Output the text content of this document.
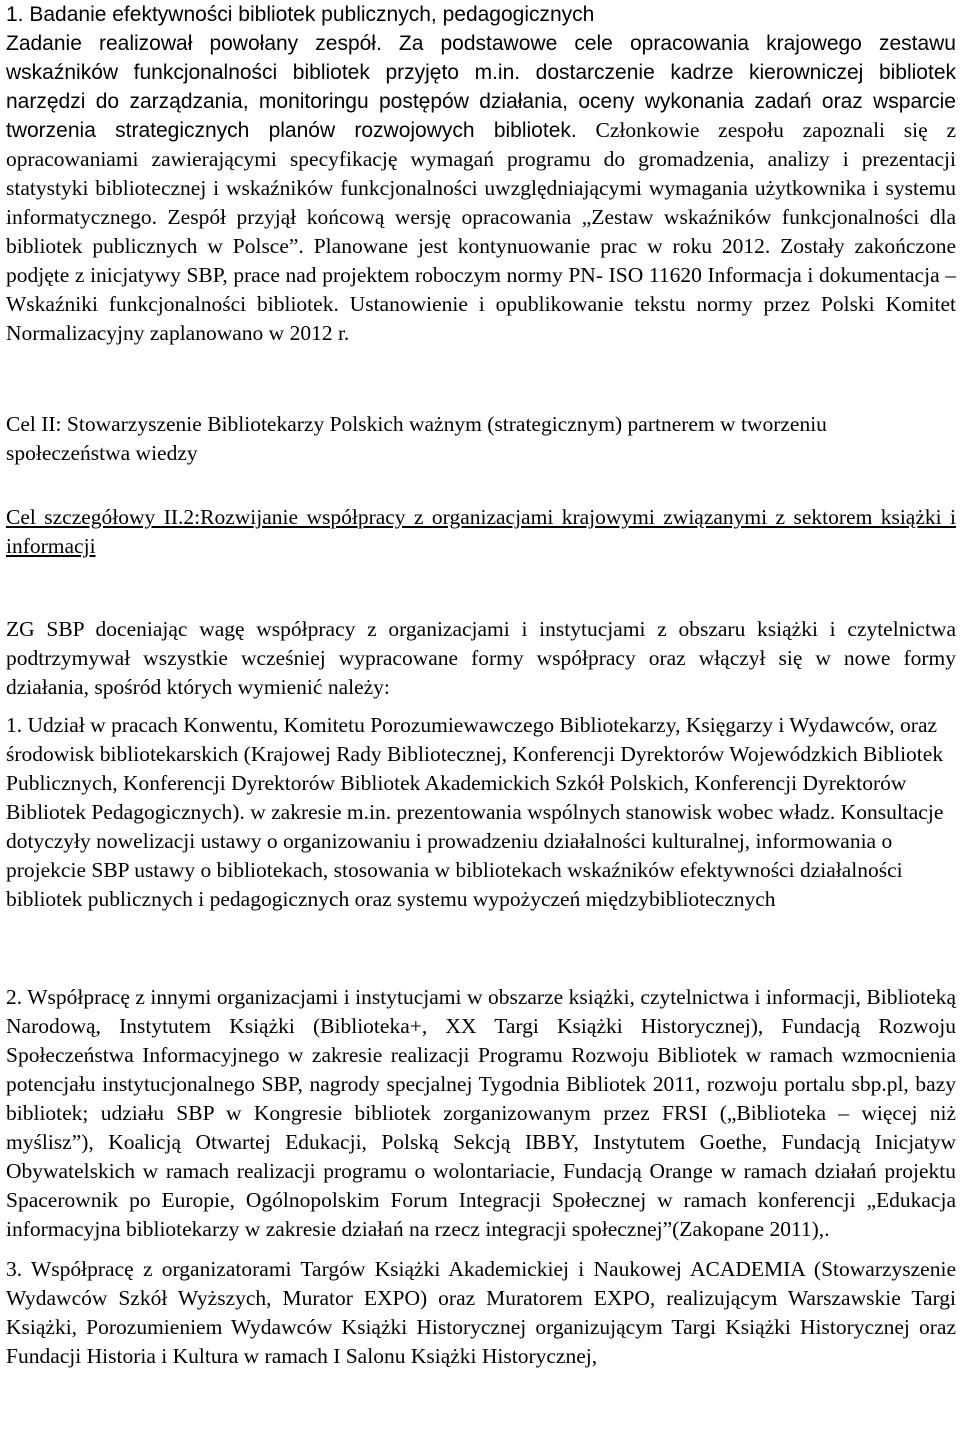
1. Badanie efektywności bibliotek publicznych, pedagogicznych

Zadanie realizował powołany zespół. Za podstawowe cele opracowania krajowego zestawu wskaźników funkcjonalności bibliotek przyjęto m.in. dostarczenie kadrze kierowniczej bibliotek narzędzi do zarządzania, monitoringu postępów działania, oceny wykonania zadań oraz wsparcie tworzenia strategicznych planów rozwojowych bibliotek. Członkowie zespołu zapoznali się z opracowaniami zawierającymi specyfikację wymagań programu do gromadzenia, analizy i prezentacji statystyki bibliotecznej i wskaźników funkcjonalności uwzględniającymi wymagania użytkownika i systemu informatycznego. Zespół przyjął końcową wersję opracowania „Zestaw wskaźników funkcjonalności dla bibliotek publicznych w Polsce”. Planowane jest kontynuowanie prac w roku 2012. Zostały zakończone podjęte z inicjatywy SBP, prace nad projektem roboczym normy PN- ISO 11620 Informacja i dokumentacja – Wskaźniki funkcjonalności bibliotek. Ustanowienie i opublikowanie tekstu normy przez Polski Komitet Normalizacyjny zaplanowano w 2012 r.

Cel II: Stowarzyszenie Bibliotekarzy Polskich ważnym (strategicznym) partnerem w tworzeniu społeczeństwa wiedzy

Cel szczegółowy II.2:Rozwijanie współpracy z organizacjami krajowymi związanymi z sektorem książki i informacji

ZG SBP doceniając wagę współpracy z organizacjami i instytucjami z obszaru książki i czytelnictwa podtrzymywał wszystkie wcześniej wypracowane formy współpracy oraz włączył się w nowe formy działania, spośród których wymienić należy:

1. Udział w pracach Konwentu, Komitetu Porozumiewawczego Bibliotekarzy, Księgarzy i Wydawców, oraz środowisk bibliotekarskich (Krajowej Rady Bibliotecznej, Konferencji Dyrektorów Wojewódzkich Bibliotek Publicznych, Konferencji Dyrektorów Bibliotek Akademickich Szkół Polskich, Konferencji Dyrektorów Bibliotek Pedagogicznych). w zakresie m.in. prezentowania wspólnych stanowisk wobec władz. Konsultacje dotyczyły nowelizacji ustawy o organizowaniu i prowadzeniu działalności kulturalnej, informowania o projekcie SBP ustawy o bibliotekach, stosowania w bibliotekach wskaźników efektywności działalności bibliotek publicznych i pedagogicznych oraz systemu wypożyczeń międzybibliotecznych

2. Współpracę z innymi organizacjami i instytucjami w obszarze książki, czytelnictwa i informacji, Biblioteką Narodową, Instytutem Książki (Biblioteka+, XX Targi Książki Historycznej), Fundacją Rozwoju Społeczeństwa Informacyjnego w zakresie realizacji Programu Rozwoju Bibliotek w ramach wzmocnienia potencjału instytucjonalnego SBP, nagrody specjalnej Tygodnia Bibliotek 2011, rozwoju portalu sbp.pl, bazy bibliotek; udziału SBP w Kongresie bibliotek zorganizowanym przez FRSI („Biblioteka – więcej niż myślisz”), Koalicją Otwartej Edukacji, Polską Sekcją IBBY, Instytutem Goethe, Fundacją Inicjatyw Obywatelskich w ramach realizacji programu o wolontariacie, Fundacją Orange w ramach działań projektu Spacerownik po Europie, Ogólnopolskim Forum Integracji Społecznej w ramach konferencji „Edukacja informacyjna bibliotekarzy w zakresie działań na rzecz integracji społecznej”(Zakopane 2011),.

3. Współpracę z organizatorami Targów Książki Akademickiej i Naukowej ACADEMIA (Stowarzyszenie Wydawców Szkół Wyższych, Murator EXPO) oraz Muratorem EXPO, realizującym Warszawskie Targi Książki, Porozumieniem Wydawców Książki Historycznej organizującym Targi Książki Historycznej oraz Fundacji Historia i Kultura w ramach I Salonu Książki Historycznej,
